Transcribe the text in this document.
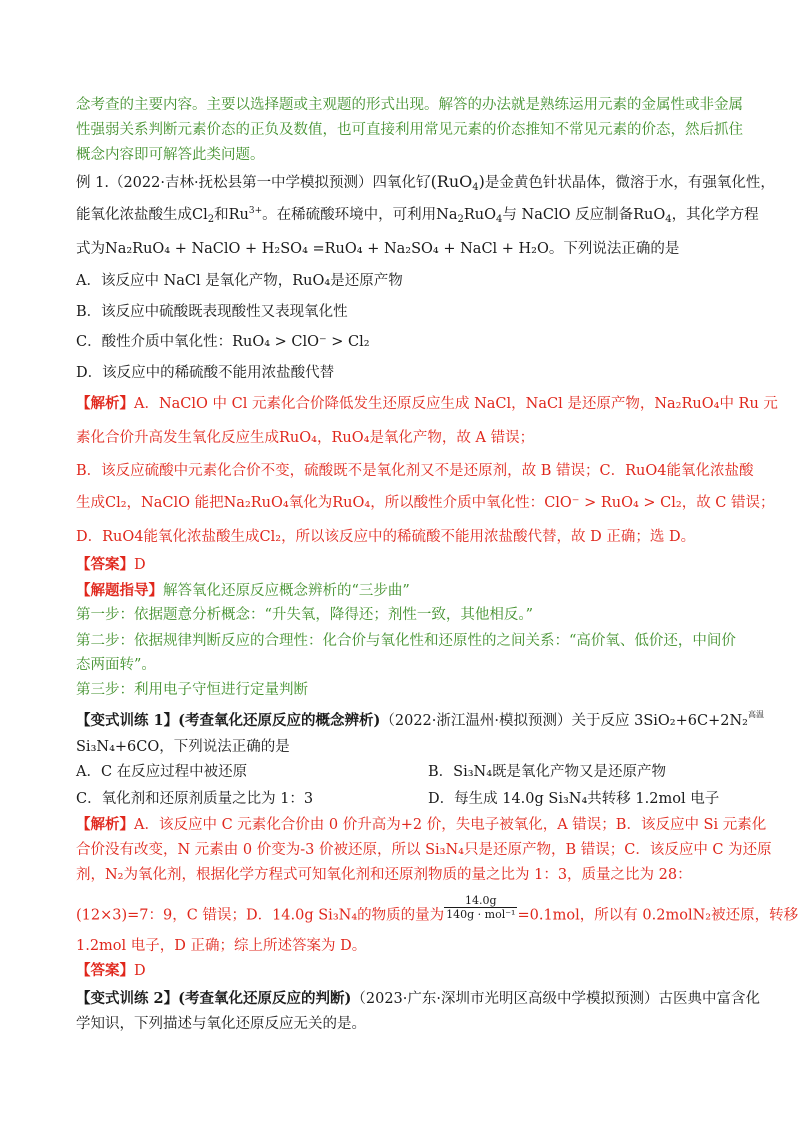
念考查的主要内容。主要以选择题或主观题的形式出现。解答的办法就是熟练运用元素的金属性或非金属
性强弱关系判断元素价态的正负及数值，也可直接利用常见元素的价态推知不常见元素的价态，然后抓住
概念内容即可解答此类问题。
例 1.（2022·吉林·抚松县第一中学模拟预测）四氧化钌(RuO$_4$)是金黄色针状晶体，微溶于水，有强氧化性，
能氧化浓盐酸生成$Cl_2$和$Ru^{3+}$。在稀硫酸环境中，可利用$Na_2RuO_4$与 NaClO 反应制备RuO$_4$，其化学方程
式为Na₂RuO₄ + NaClO + H₂SO₄ =RuO₄ + Na₂SO₄ + NaCl + H₂O。下列说法正确的是
A．该反应中 NaCl 是氧化产物，RuO₄是还原产物
B．该反应中硫酸既表现酸性又表现氧化性
C．酸性介质中氧化性：RuO₄ > ClO⁻ > Cl₂
D．该反应中的稀硫酸不能用浓盐酸代替
【解析】A．NaClO 中 Cl 元素化合价降低发生还原反应生成 NaCl，NaCl 是还原产物，Na₂RuO₄中 Ru 元
素化合价升高发生氧化反应生成RuO₄，RuO₄是氧化产物，故 A 错误；
B．该反应硫酸中元素化合价不变，硫酸既不是氧化剂又不是还原剂，故 B 错误；C．RuO4能氧化浓盐酸
生成Cl₂，NaClO 能把Na₂RuO₄氧化为RuO₄，所以酸性介质中氧化性：ClO⁻ > RuO₄ > Cl₂，故 C 错误；
D．RuO4能氧化浓盐酸生成Cl₂，所以该反应中的稀硫酸不能用浓盐酸代替，故 D 正确；选 D。
【答案】D
【解题指导】解答氧化还原反应概念辨析的“三步曲”
第一步：依据题意分析概念：“升失氧，降得还；剂性一致，其他相反。”
第二步：依据规律判断反应的合理性：化合价与氧化性和还原性的之间关系：“高价氧、低价还，中间价
态两面转”。
第三步：利用电子守恒进行定量判断
【变式训练 1】(考查氧化还原反应的概念辨析)（2022·浙江温州·模拟预测）关于反应 3SiO₂+6C+2N₂高温
Si₃N₄+6CO，下列说法正确的是
A．C 在反应过程中被还原	B．Si₃N₄既是氧化产物又是还原产物
C．氧化剂和还原剂质量之比为 1：3	D．每生成 14.0g Si₃N₄共转移 1.2mol 电子
【解析】A．该反应中 C 元素化合价由 0 价升高为+2 价，失电子被氧化，A 错误；B．该反应中 Si 元素化
合价没有改变，N 元素由 0 价变为-3 价被还原，所以 Si₃N₄只是还原产物，B 错误；C．该反应中 C 为还原
剂，N₂为氧化剂，根据化学方程式可知氧化剂和还原剂物质的量之比为 1：3，质量之比为 28：
(12×3)=7：9，C 错误；D．14.0g Si₃N₄的物质的量为 $\frac{14.0g}{\text{140g · mol⁻¹}} =0.1mol$，所以有 0.2molN₂被还原，转移
1.2mol 电子，D 正确；综上所述答案为 D。
【答案】D
【变式训练 2】(考查氧化还原反应的判断)（2023·广东·深圳市光明区高级中学模拟预测）古医典中富含化
学知识，下列描述与氧化还原反应无关的是。
